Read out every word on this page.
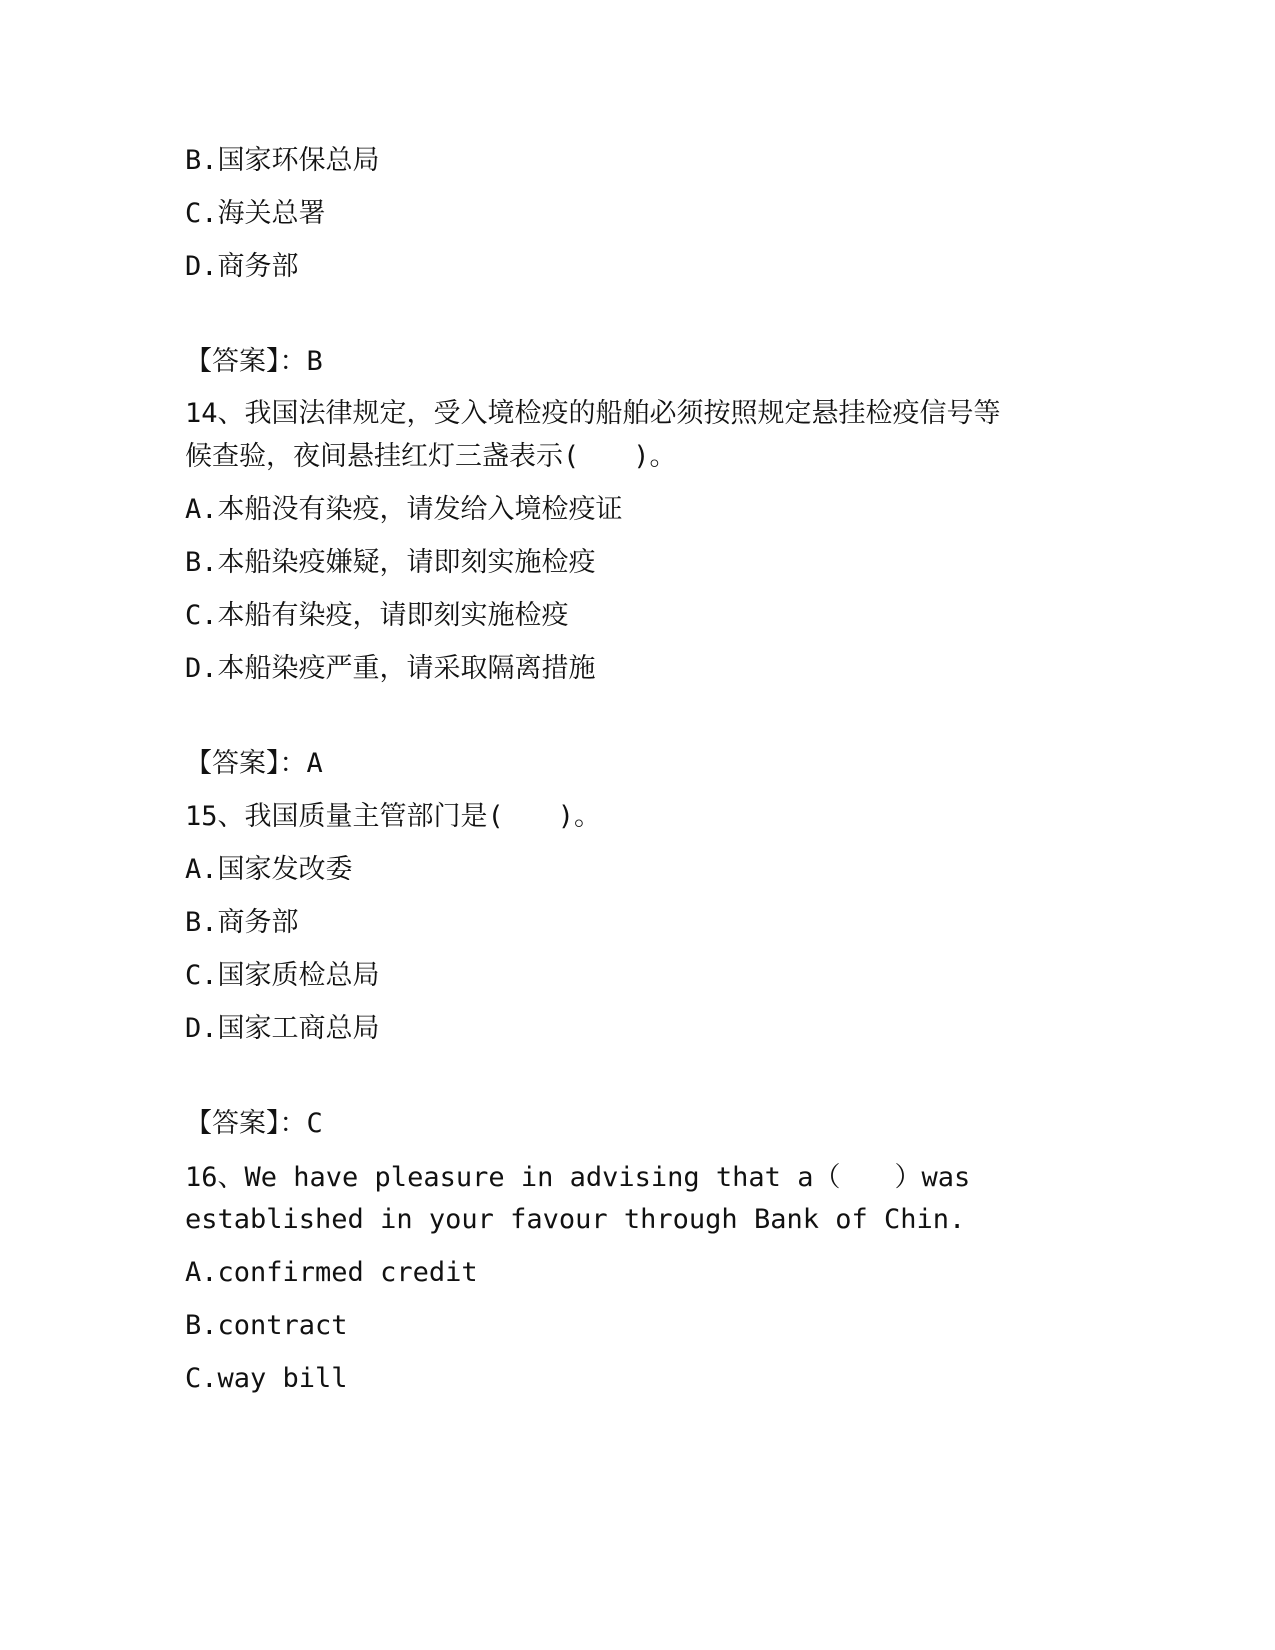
B.国家环保总局

C.海关总署

D.商务部

【答案】：B

14、我国法律规定，受入境检疫的船舶必须按照规定悬挂检疫信号等

候查验，夜间悬挂红灯三盏表示(　　)。

A.本船没有染疫，请发给入境检疫证

B.本船染疫嫌疑，请即刻实施检疫

C.本船有染疫，请即刻实施检疫

D.本船染疫严重，请采取隔离措施

【答案】：A

15、我国质量主管部门是(　　)。

A.国家发改委

B.商务部

C.国家质检总局

D.国家工商总局

【答案】：C

16、We have pleasure in advising that a（　　）was

established in your favour through Bank of Chin.

A.confirmed credit

B.contract

C.way bill
